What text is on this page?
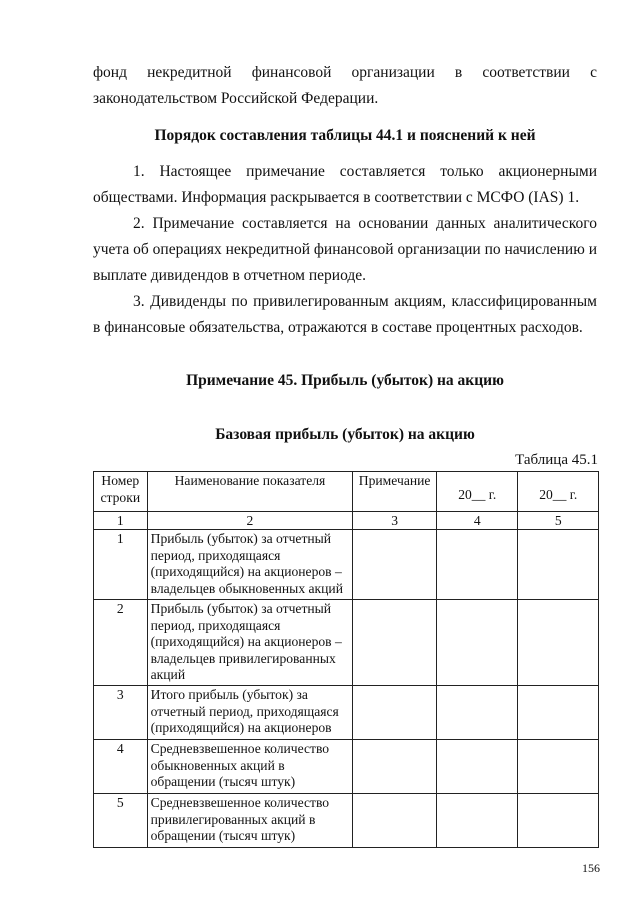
фонд некредитной финансовой организации в соответствии с
законодательством Российской Федерации.
Порядок составления таблицы 44.1 и пояснений к ней
1. Настоящее примечание составляется только акционерными обществами. Информация раскрывается в соответствии с МСФО (IAS) 1.
2. Примечание составляется на основании данных аналитического учета об операциях некредитной финансовой организации по начислению и выплате дивидендов в отчетном периоде.
3. Дивиденды по привилегированным акциям, классифицированным в финансовые обязательства, отражаются в составе процентных расходов.
Примечание 45. Прибыль (убыток) на акцию
Базовая прибыль (убыток) на акцию
Таблица 45.1
Номер строки	Наименование показателя	Примечание	20__ г.	20__ г.

1	2	3	4	5
1	Прибыль (убыток) за отчетный период, приходящаяся (приходящийся) на акционеров – владельцев обыкновенных акций			
2	Прибыль (убыток) за отчетный период, приходящаяся (приходящийся) на акционеров – владельцев привилегированных акций			
3	Итого прибыль (убыток) за отчетный период, приходящаяся (приходящийся) на акционеров			
4	Средневзвешенное количество обыкновенных акций в обращении (тысяч штук)			
5	Средневзвешенное количество привилегированных акций в обращении (тысяч штук)			
156
